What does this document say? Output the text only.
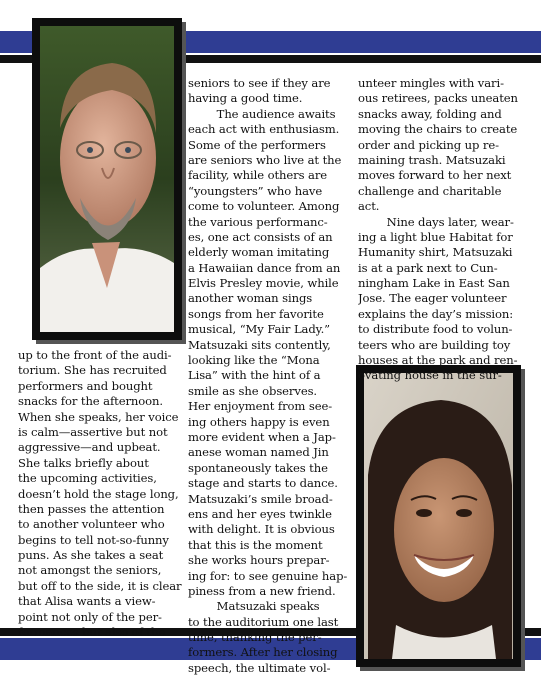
up to the front of the audi-
torium. She has recruited
performers and bought
snacks for the afternoon.
When she speaks, her voice
is calm—assertive but not
aggressive—and upbeat.
She talks briefly about
the upcoming activities,
doesn’t hold the stage long,
then passes the attention
to another volunteer who
begins to tell not-so-funny
puns. As she takes a seat
not amongst the seniors,
but off to the side, it is clear
that Alisa wants a view-
point not only of the per-
formances but also of the
seniors to see if they are
having a good time.
The audience awaits
each act with enthusiasm.
Some of the performers
are seniors who live at the
facility, while others are
“youngsters” who have
come to volunteer. Among
the various performanc-
es, one act consists of an
elderly woman imitating
a Hawaiian dance from an
Elvis Presley movie, while
another woman sings
songs from her favorite
musical, “My Fair Lady.”
Matsuzaki sits contently,
looking like the “Mona
Lisa” with the hint of a
smile as she observes.
Her enjoyment from see-
ing others happy is even
more evident when a Jap-
anese woman named Jin
spontaneously takes the
stage and starts to dance.
Matsuzaki’s smile broad-
ens and her eyes twinkle
with delight. It is obvious
that this is the moment
she works hours prepar-
ing for: to see genuine hap-
piness from a new friend.
Matsuzaki speaks
to the auditorium one last
time, thanking the per-
formers. After her closing
speech, the ultimate vol-
unteer mingles with vari-
ous retirees, packs uneaten
snacks away, folding and
moving the chairs to create
order and picking up re-
maining trash. Matsuzaki
moves forward to her next
challenge and charitable
act.
Nine days later, wear-
ing a light blue Habitat for
Humanity shirt, Matsuzaki
is at a park next to Cun-
ningham Lake in East San
Jose. The eager volunteer
explains the day’s mission:
to distribute food to volun-
teers who are building toy
houses at the park and ren-
ovating house in the sur-
